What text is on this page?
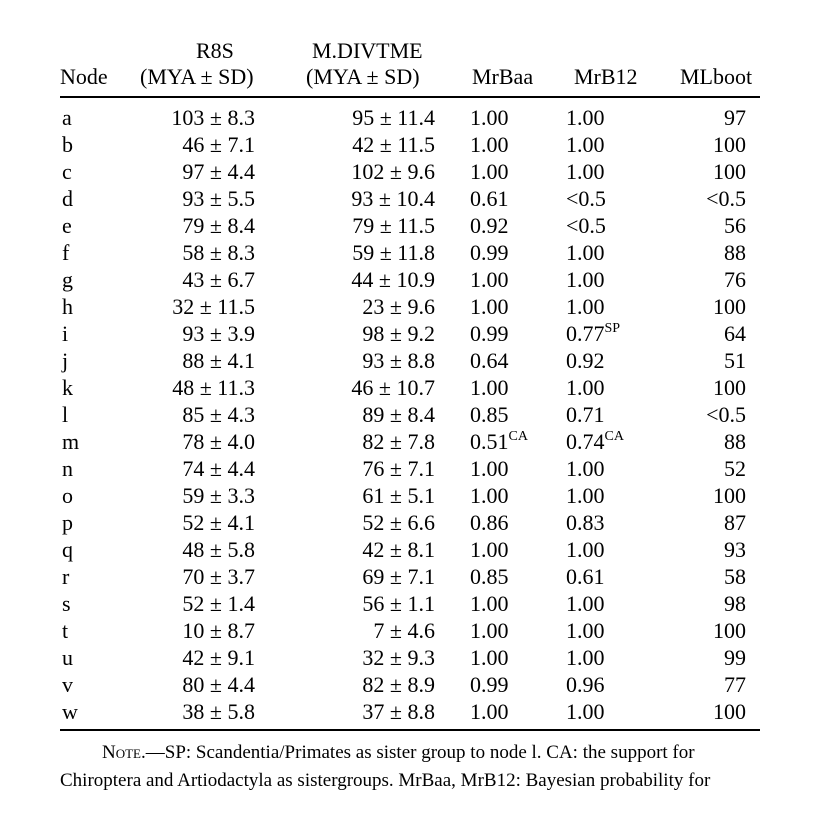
R8S	M.DIVTME
Node (MYA ± SD) (MYA ± SD) MrBaa MrB12 MLboot
a	103 ± 8.3	95 ± 11.4 1.00	1.00	97
b	46 ± 7.1	42 ± 11.5 1.00	1.00	100
c	97 ± 4.4	102 ± 9.6 1.00	1.00	100
d	93 ± 5.5	93 ± 10.4 0.61	<0.5	<0.5
e	79 ± 8.4	79 ± 11.5 0.92	<0.5	56
f	58 ± 8.3	59 ± 11.8 0.99	1.00	88
g	43 ± 6.7	44 ± 10.9 1.00	1.00	76
h	32 ± 11.5	23 ± 9.6 1.00	1.00	100
i	93 ± 3.9	98 ± 9.2 0.99	$0.77^{SP}$	64
j	88 ± 4.1	93 ± 8.8 0.64	0.92	51
k	48 ± 11.3	46 ± 10.7 1.00	1.00	100
l	85 ± 4.3	89 ± 8.4 0.85	0.71	<0.5
m	78 ± 4.0	82 ± 7.8 $0.51^{CA}$ $0.74^{CA}$	88
n	74 ± 4.4	76 ± 7.1 1.00	1.00	52
o	59 ± 3.3	61 ± 5.1 1.00	1.00	100
p	52 ± 4.1	52 ± 6.6 0.86	0.83	87
q	48 ± 5.8	42 ± 8.1 1.00	1.00	93
r	70 ± 3.7	69 ± 7.1 0.85	0.61	58
s	52 ± 1.4	56 ± 1.1 1.00	1.00	98
t	10 ± 8.7	7 ± 4.6 1.00	1.00	100
u	42 ± 9.1	32 ± 9.3 1.00	1.00	99
v	80 ± 4.4	82 ± 8.9 0.99	0.96	77
w	38 ± 5.8	37 ± 8.8 1.00	1.00	100
Note.—SP: Scandentia/Primates as sister group to node l. CA: the support for
Chiroptera and Artiodactyla as sistergroups. MrBaa, MrB12: Bayesian probability for
